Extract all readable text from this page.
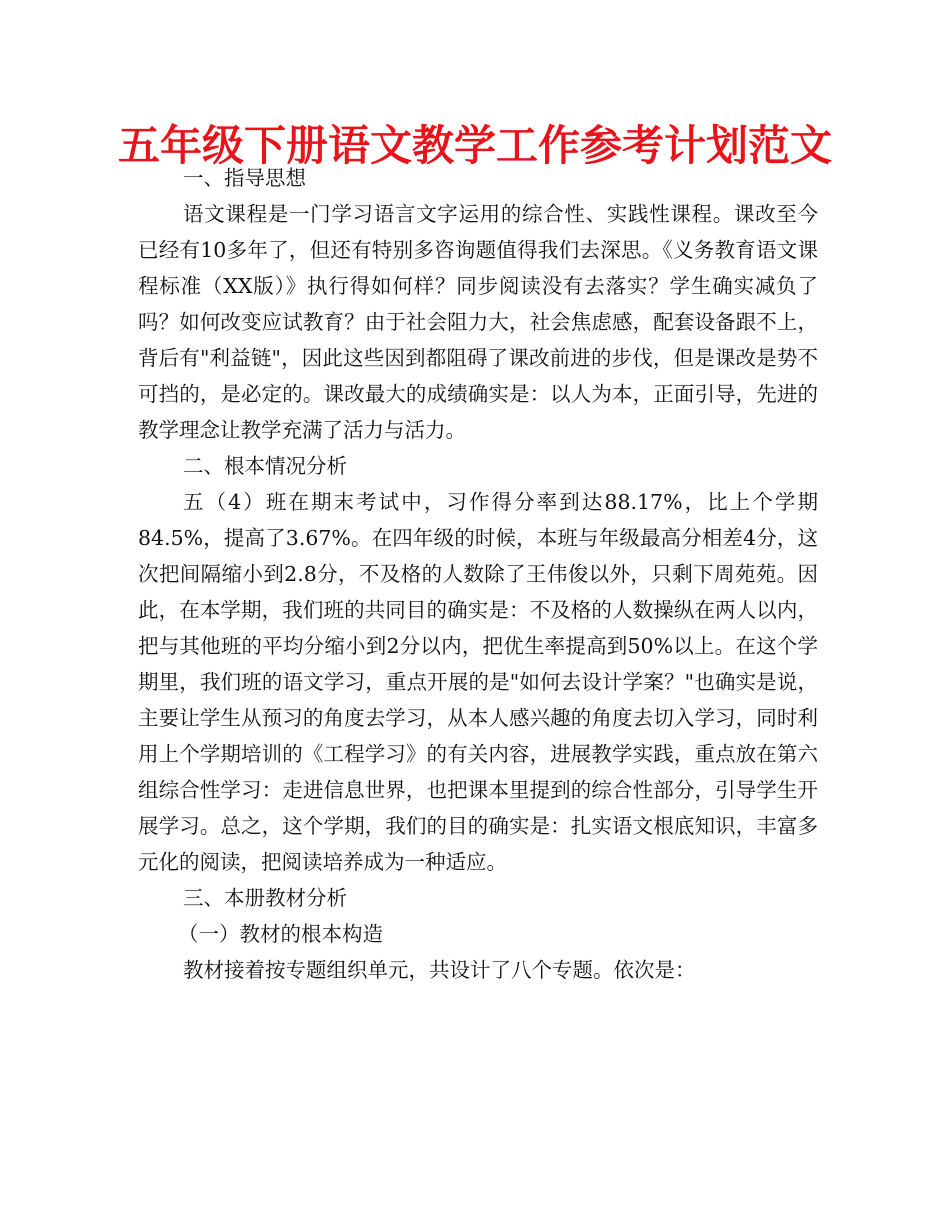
五年级下册语文教学工作参考计划范文

一、指导思想

语文课程是一门学习语言文字运用的综合性、实践性课程。课改至今已经有10多年了，但还有特别多咨询题值得我们去深思。《义务教育语文课程标准（XX版）》执行得如何样？同步阅读没有去落实？学生确实减负了吗？如何改变应试教育？由于社会阻力大，社会焦虑感，配套设备跟不上，背后有"利益链"，因此这些因到都阻碍了课改前进的步伐，但是课改是势不可挡的，是必定的。课改最大的成绩确实是：以人为本，正面引导，先进的教学理念让教学充满了活力与活力。

二、根本情况分析

五（4）班在期末考试中，习作得分率到达88.17%，比上个学期84.5%，提高了3.67%。在四年级的时候，本班与年级最高分相差4分，这次把间隔缩小到2.8分，不及格的人数除了王伟俊以外，只剩下周苑苑。因此，在本学期，我们班的共同目的确实是：不及格的人数操纵在两人以内，把与其他班的平均分缩小到2分以内，把优生率提高到50%以上。在这个学期里，我们班的语文学习，重点开展的是"如何去设计学案？"也确实是说，主要让学生从预习的角度去学习，从本人感兴趣的角度去切入学习，同时利用上个学期培训的《工程学习》的有关内容，进展教学实践，重点放在第六组综合性学习：走进信息世界，也把课本里提到的综合性部分，引导学生开展学习。总之，这个学期，我们的目的确实是：扎实语文根底知识，丰富多元化的阅读，把阅读培养成为一种适应。

三、本册教材分析

（一）教材的根本构造

教材接着按专题组织单元，共设计了八个专题。依次是：
